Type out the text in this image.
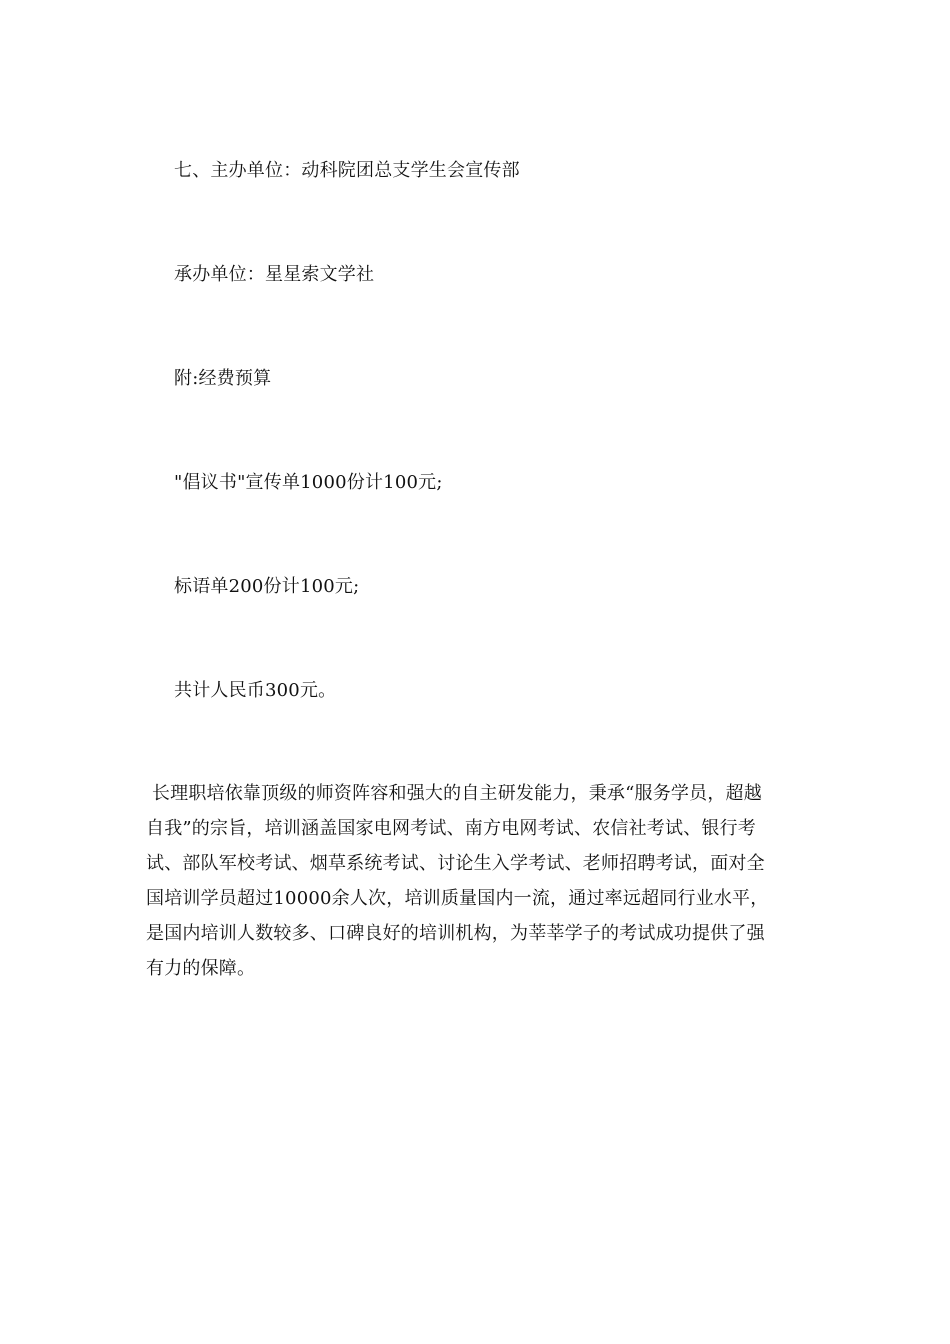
七、主办单位：动科院团总支学生会宣传部
承办单位：星星索文学社
附:经费预算
"倡议书"宣传单1000份计100元;
标语单200份计100元;
共计人民币300元。
长理职培依靠顶级的师资阵容和强大的自主研发能力，秉承“服务学员，超越
自我”的宗旨，培训涵盖国家电网考试、南方电网考试、农信社考试、银行考
试、部队军校考试、烟草系统考试、讨论生入学考试、老师招聘考试，面对全
国培训学员超过10000余人次，培训质量国内一流，通过率远超同行业水平，
是国内培训人数较多、口碑良好的培训机构，为莘莘学子的考试成功提供了强
有力的保障。
